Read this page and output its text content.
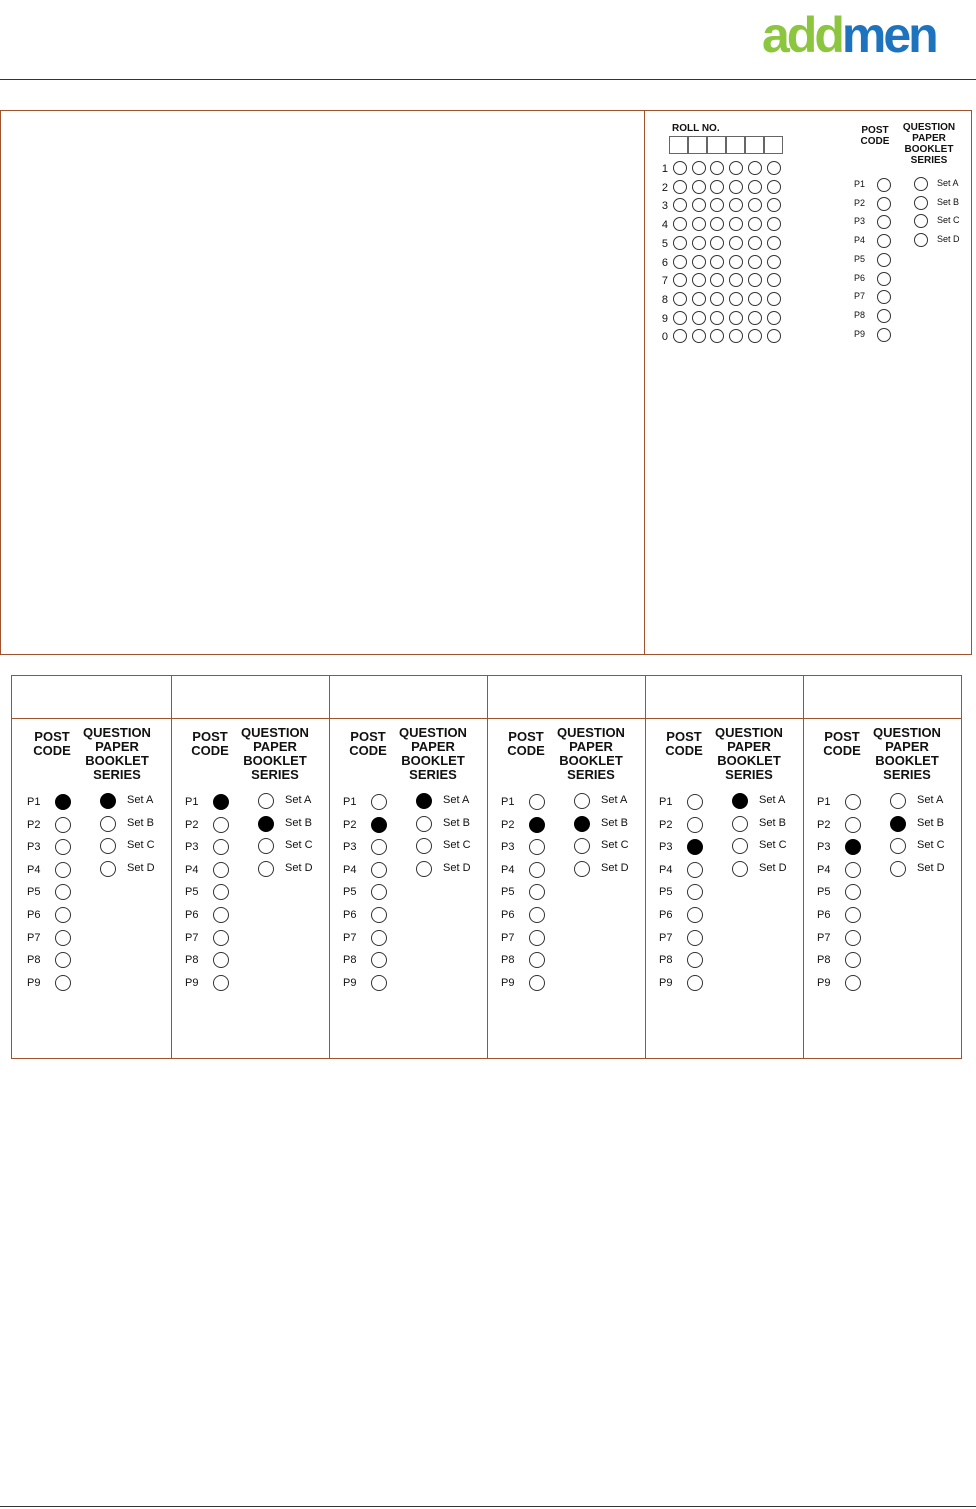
addmen
ROLL NO.
1
2
3
4
5
6
7
8
9
0
POST
CODE
QUESTION
PAPER
BOOKLET
SERIES
P1
P2
P3
P4
P5
P6
P7
P8
P9
Set A
Set B
Set C
Set D
POST
CODE
QUESTION
PAPER
BOOKLET
SERIES
P1
P2
P3
P4
P5
P6
P7
P8
P9
Set A
Set B
Set C
Set D
POST
CODE
QUESTION
PAPER
BOOKLET
SERIES
P1
P2
P3
P4
P5
P6
P7
P8
P9
Set A
Set B
Set C
Set D
POST
CODE
QUESTION
PAPER
BOOKLET
SERIES
P1
P2
P3
P4
P5
P6
P7
P8
P9
Set A
Set B
Set C
Set D
POST
CODE
QUESTION
PAPER
BOOKLET
SERIES
P1
P2
P3
P4
P5
P6
P7
P8
P9
Set A
Set B
Set C
Set D
POST
CODE
QUESTION
PAPER
BOOKLET
SERIES
P1
P2
P3
P4
P5
P6
P7
P8
P9
Set A
Set B
Set C
Set D
POST
CODE
QUESTION
PAPER
BOOKLET
SERIES
P1
P2
P3
P4
P5
P6
P7
P8
P9
Set A
Set B
Set C
Set D
